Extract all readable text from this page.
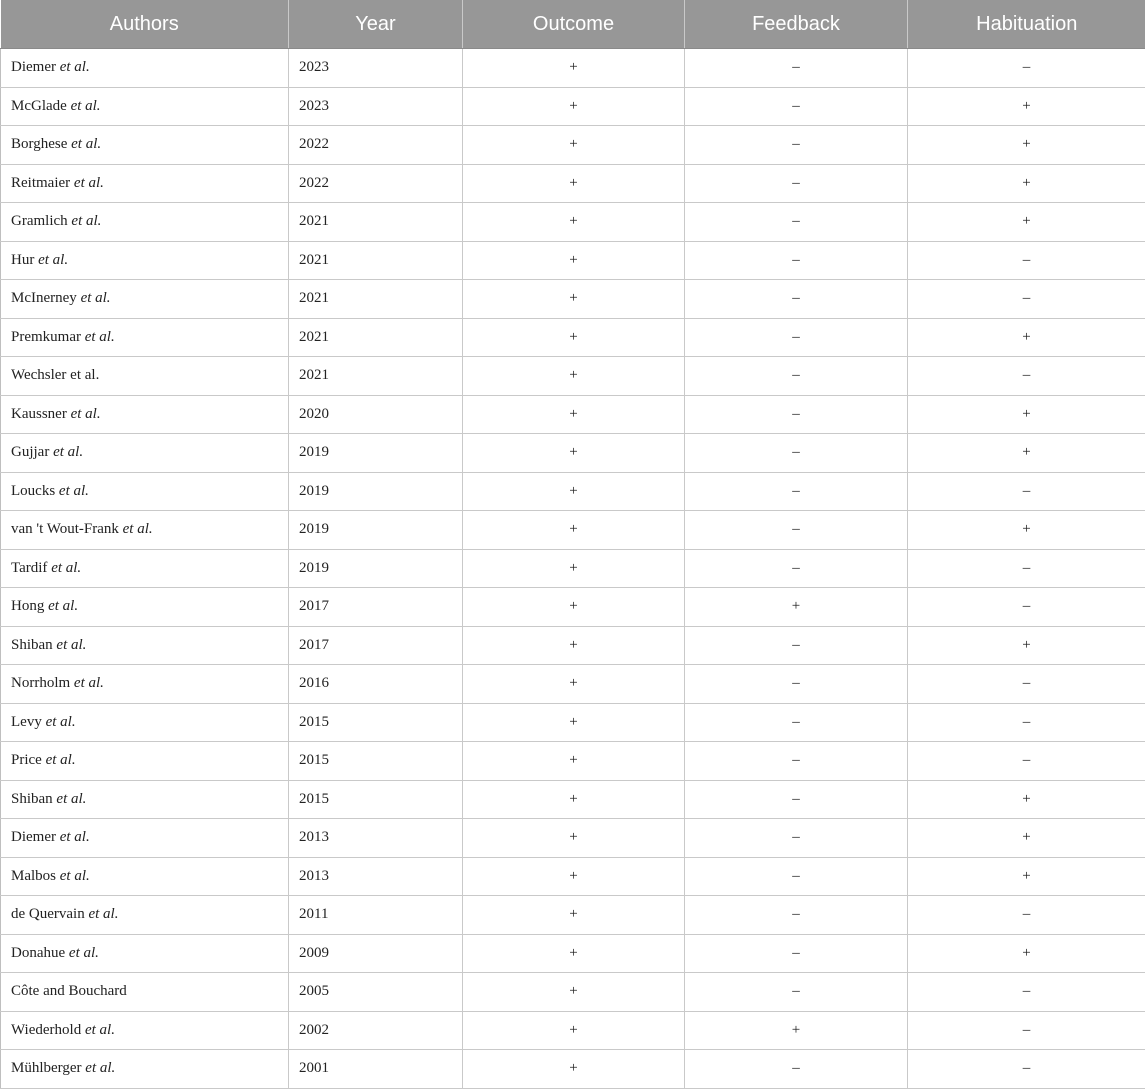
Authors	Year	Outcome	Feedback	Habituation
Diemer et al.	2023	+	–	–
McGlade et al.	2023	+	–	+
Borghese et al.	2022	+	–	+
Reitmaier et al.	2022	+	–	+
Gramlich et al.	2021	+	–	+
Hur et al.	2021	+	–	–
McInerney et al.	2021	+	–	–
Premkumar et al.	2021	+	–	+
Wechsler et al.	2021	+	–	–
Kaussner et al.	2020	+	–	+
Gujjar et al.	2019	+	–	+
Loucks et al.	2019	+	–	–
van 't Wout-Frank et al.	2019	+	–	+
Tardif et al.	2019	+	–	–
Hong et al.	2017	+	+	–
Shiban et al.	2017	+	–	+
Norrholm et al.	2016	+	–	–
Levy et al.	2015	+	–	–
Price et al.	2015	+	–	–
Shiban et al.	2015	+	–	+
Diemer et al.	2013	+	–	+
Malbos et al.	2013	+	–	+
de Quervain et al.	2011	+	–	–
Donahue et al.	2009	+	–	+
Côte and Bouchard	2005	+	–	–
Wiederhold et al.	2002	+	+	–
Mühlberger et al.	2001	+	–	–
